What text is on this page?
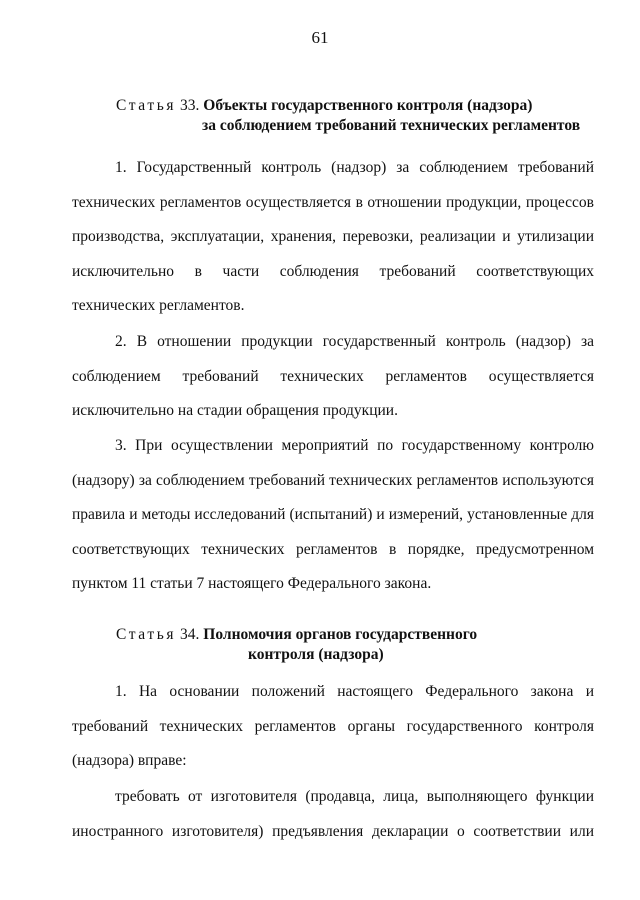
61
Статья 33. Объекты государственного контроля (надзора)
за соблюдением требований технических регламентов

1. Государственный контроль (надзор) за соблюдением требований технических регламентов осуществляется в отношении продукции, процессов производства, эксплуатации, хранения, перевозки, реализации и утилизации исключительно в части соблюдения требований соответствующих технических регламентов.

2. В отношении продукции государственный контроль (надзор) за соблюдением требований технических регламентов осуществляется исключительно на стадии обращения продукции.

3. При осуществлении мероприятий по государственному контролю (надзору) за соблюдением требований технических регламентов используются правила и методы исследований (испытаний) и измерений, установленные для соответствующих технических регламентов в порядке, предусмотренном пунктом 11 статьи 7 настоящего Федерального закона.

Статья 34. Полномочия органов государственного
контроля (надзора)

1. На основании положений настоящего Федерального закона и требований технических регламентов органы государственного контроля (надзора) вправе:

требовать от изготовителя (продавца, лица, выполняющего функции иностранного изготовителя) предъявления декларации о соответствии или
